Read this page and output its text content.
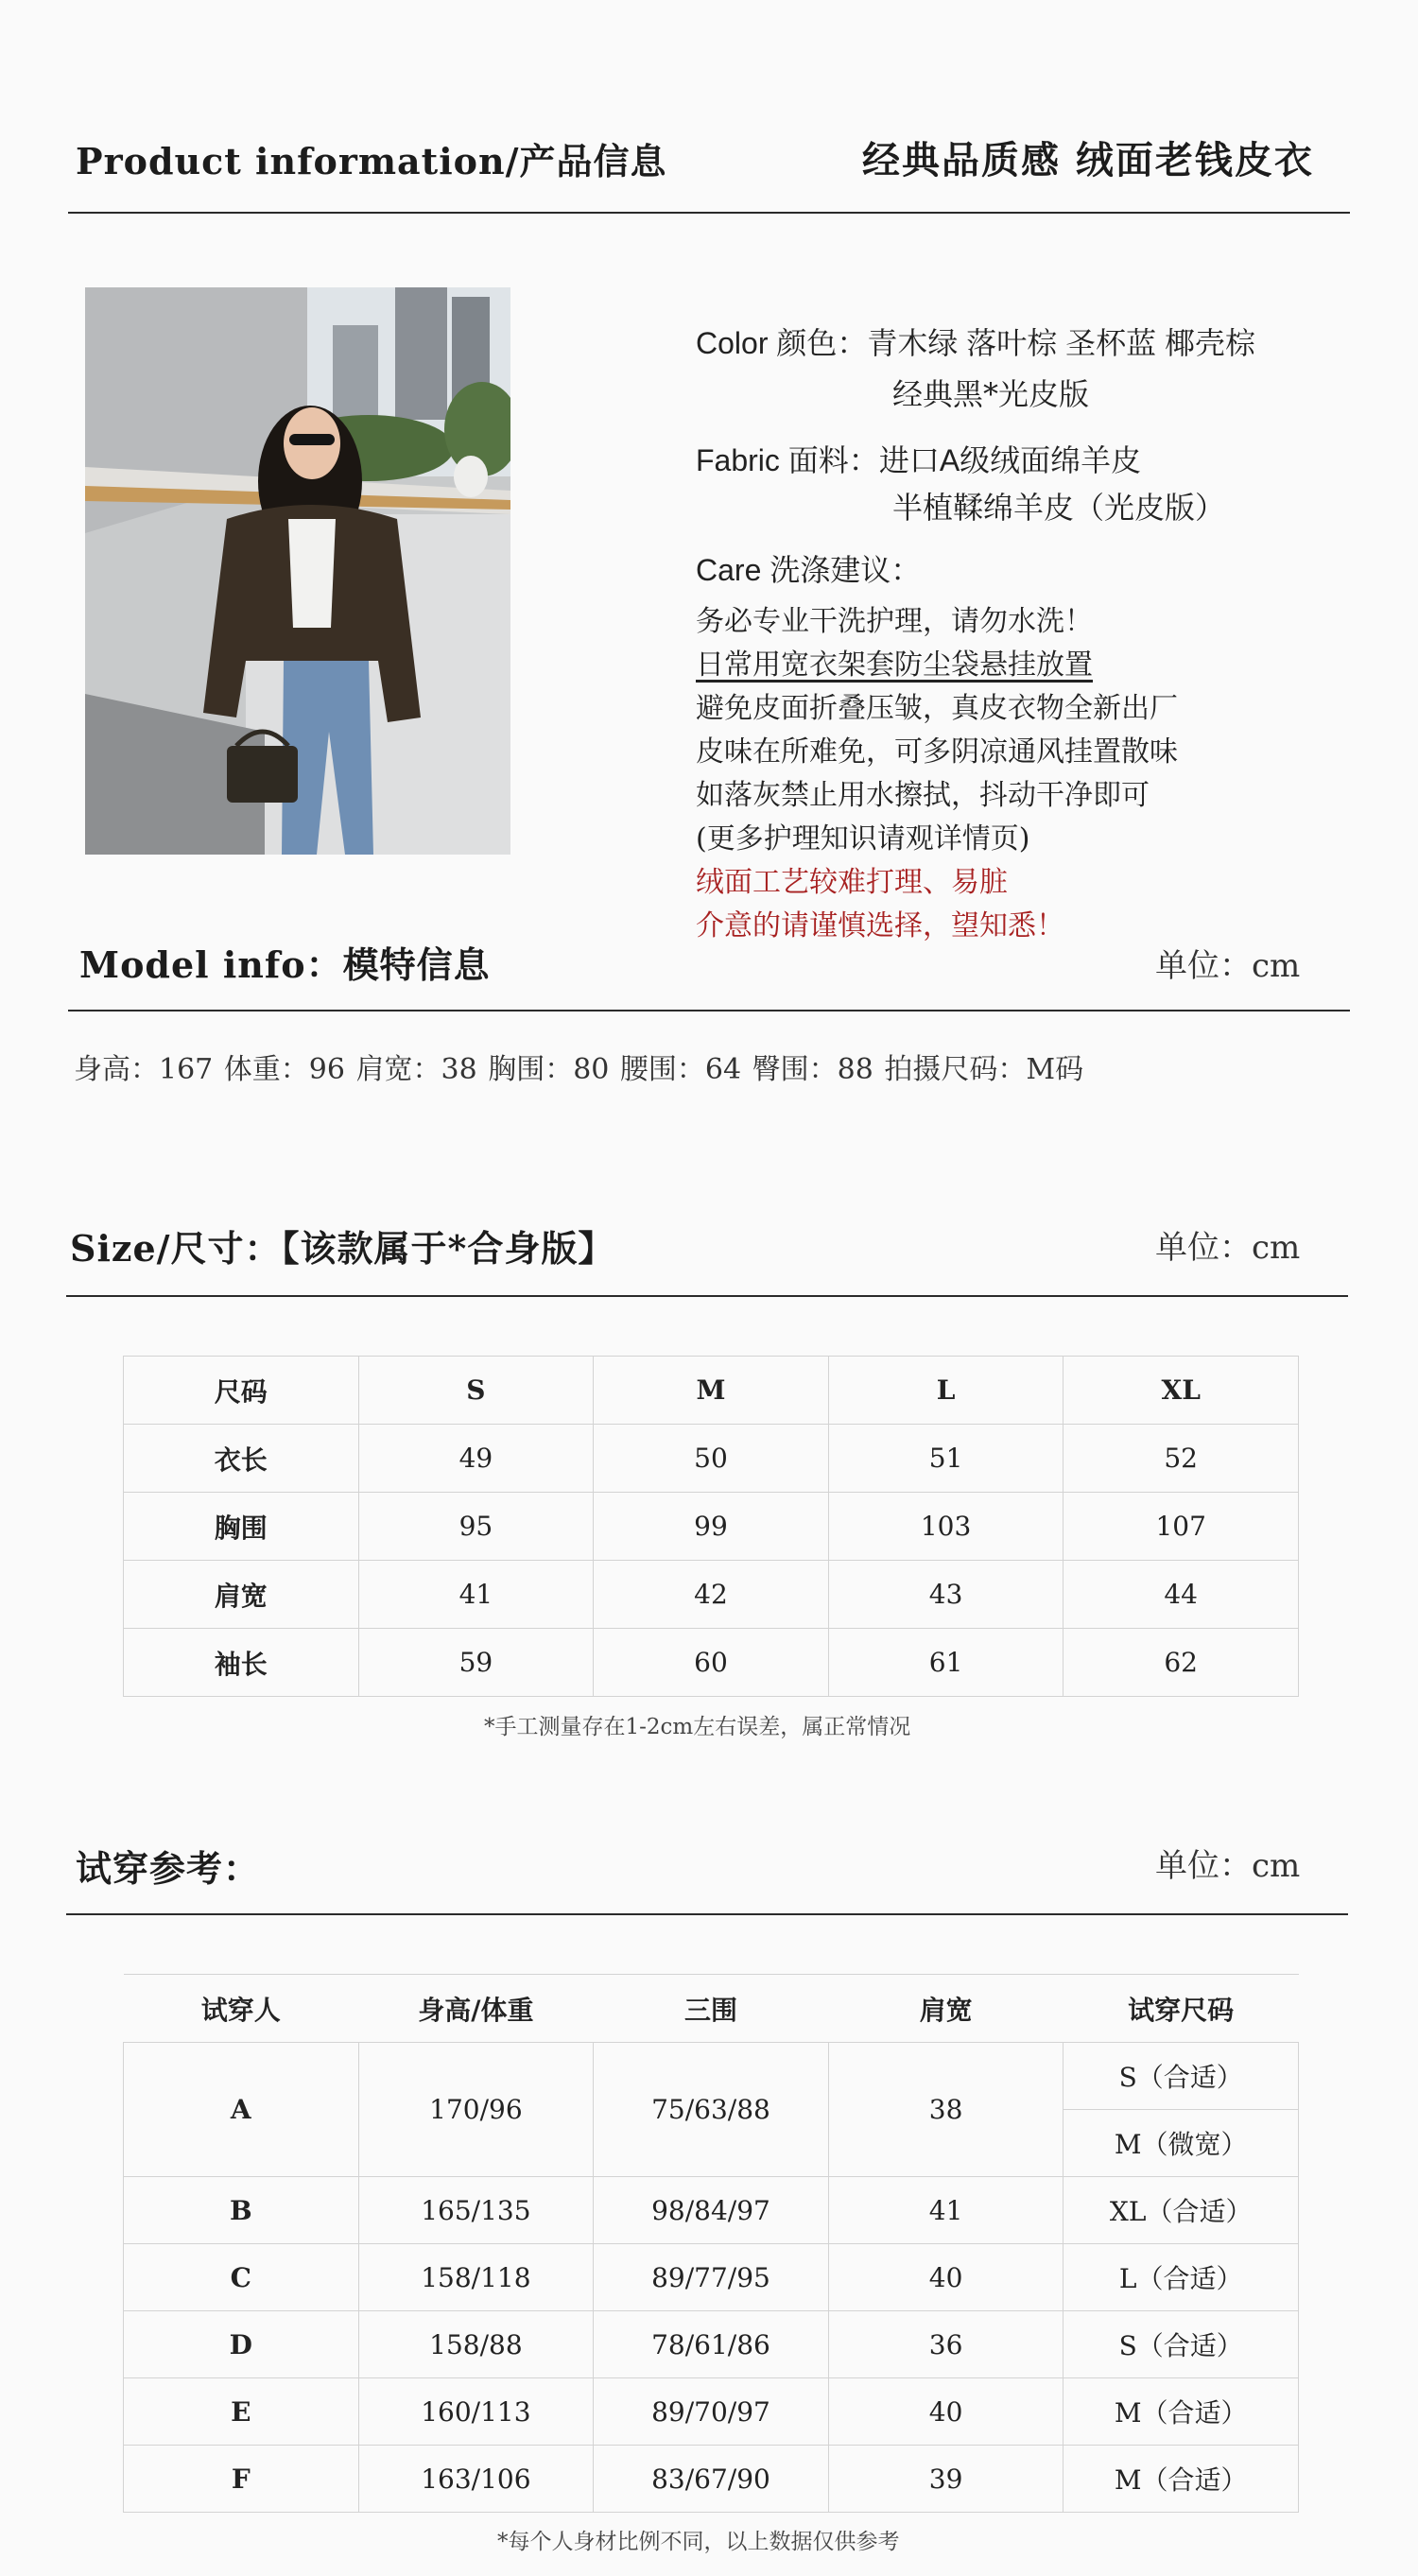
Product information/产品信息	经典品质感 绒面老钱皮衣
Color 颜色：青木绿 落叶棕 圣杯蓝 椰壳棕
经典黑*光皮版
Fabric 面料：进口A级绒面绵羊皮
半植鞣绵羊皮（光皮版）
Care 洗涤建议：
务必专业干洗护理，请勿水洗！
日常用宽衣架套防尘袋悬挂放置
避免皮面折叠压皱，真皮衣物全新出厂
皮味在所难免，可多阴凉通风挂置散味
如落灰禁止用水擦拭，抖动干净即可
(更多护理知识请观详情页)
绒面工艺较难打理、易脏
介意的请谨慎选择，望知悉！
Model info：模特信息	单位：cm
身高：167 体重：96 肩宽：38 胸围：80 腰围：64 臀围：88 拍摄尺码：M码
Size/尺寸：【该款属于*合身版】	单位：cm
尺码	S	M	L	XL
衣长	49	50	51	52
胸围	95	99	103	107
肩宽	41	42	43	44
袖长	59	60	61	62
*手工测量存在1-2cm左右误差，属正常情况
试穿参考：	单位：cm
试穿人	身高/体重	三围	肩宽	试穿尺码
A	170/96	75/63/88	38	S（合适）
				M（微宽）
B	165/135	98/84/97	41	XL（合适）
C	158/118	89/77/95	40	L（合适）
D	158/88	78/61/86	36	S（合适）
E	160/113	89/70/97	40	M（合适）
F	163/106	83/67/90	39	M（合适）
*每个人身材比例不同，以上数据仅供参考
